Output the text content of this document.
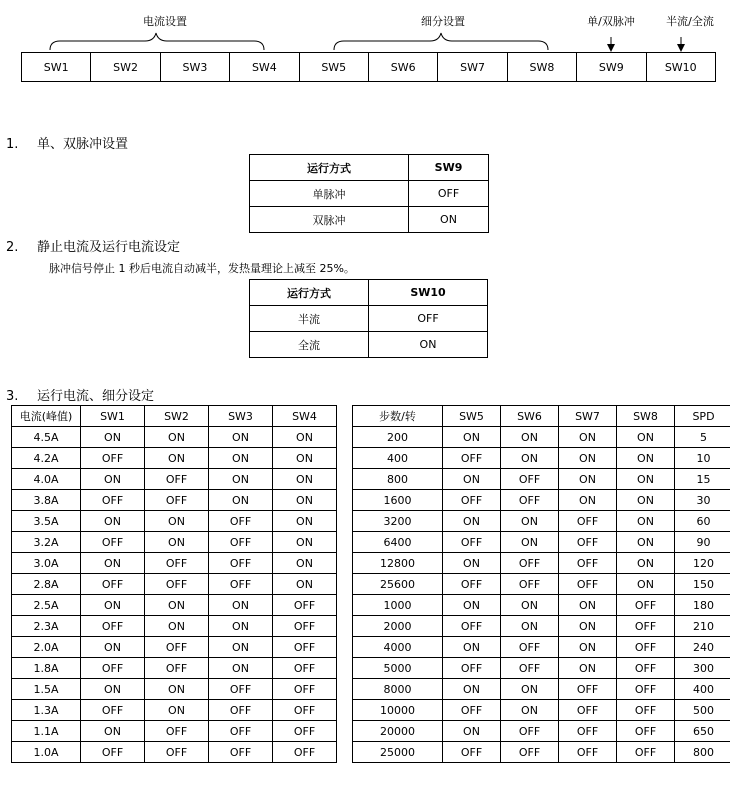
电流设置	细分设置	单/双脉冲	半流/全流
SW1	SW2	SW3	SW4	SW5	SW6	SW7	SW8	SW9	SW10
1. 单、双脉冲设置
运行方式	SW9
单脉冲	OFF
双脉冲	ON
2. 静止电流及运行电流设定
脉冲信号停止 1 秒后电流自动减半，发热量理论上减至 25%。
运行方式	SW10
半流	OFF
全流	ON
3. 运行电流、细分设定
电流(峰值)	SW1	SW2	SW3	SW4
4.5A	ON	ON	ON	ON
4.2A	OFF	ON	ON	ON
4.0A	ON	OFF	ON	ON
3.8A	OFF	OFF	ON	ON
3.5A	ON	ON	OFF	ON
3.2A	OFF	ON	OFF	ON
3.0A	ON	OFF	OFF	ON
2.8A	OFF	OFF	OFF	ON
2.5A	ON	ON	ON	OFF
2.3A	OFF	ON	ON	OFF
2.0A	ON	OFF	ON	OFF
1.8A	OFF	OFF	ON	OFF
1.5A	ON	ON	OFF	OFF
1.3A	OFF	ON	OFF	OFF
1.1A	ON	OFF	OFF	OFF
1.0A	OFF	OFF	OFF	OFF
步数/转	SW5	SW6	SW7	SW8	SPD
200	ON	ON	ON	ON	5
400	OFF	ON	ON	ON	10
800	ON	OFF	ON	ON	15
1600	OFF	OFF	ON	ON	30
3200	ON	ON	OFF	ON	60
6400	OFF	ON	OFF	ON	90
12800	ON	OFF	OFF	ON	120
25600	OFF	OFF	OFF	ON	150
1000	ON	ON	ON	OFF	180
2000	OFF	ON	ON	OFF	210
4000	ON	OFF	ON	OFF	240
5000	OFF	OFF	ON	OFF	300
8000	ON	ON	OFF	OFF	400
10000	OFF	ON	OFF	OFF	500
20000	ON	OFF	OFF	OFF	650
25000	OFF	OFF	OFF	OFF	800
